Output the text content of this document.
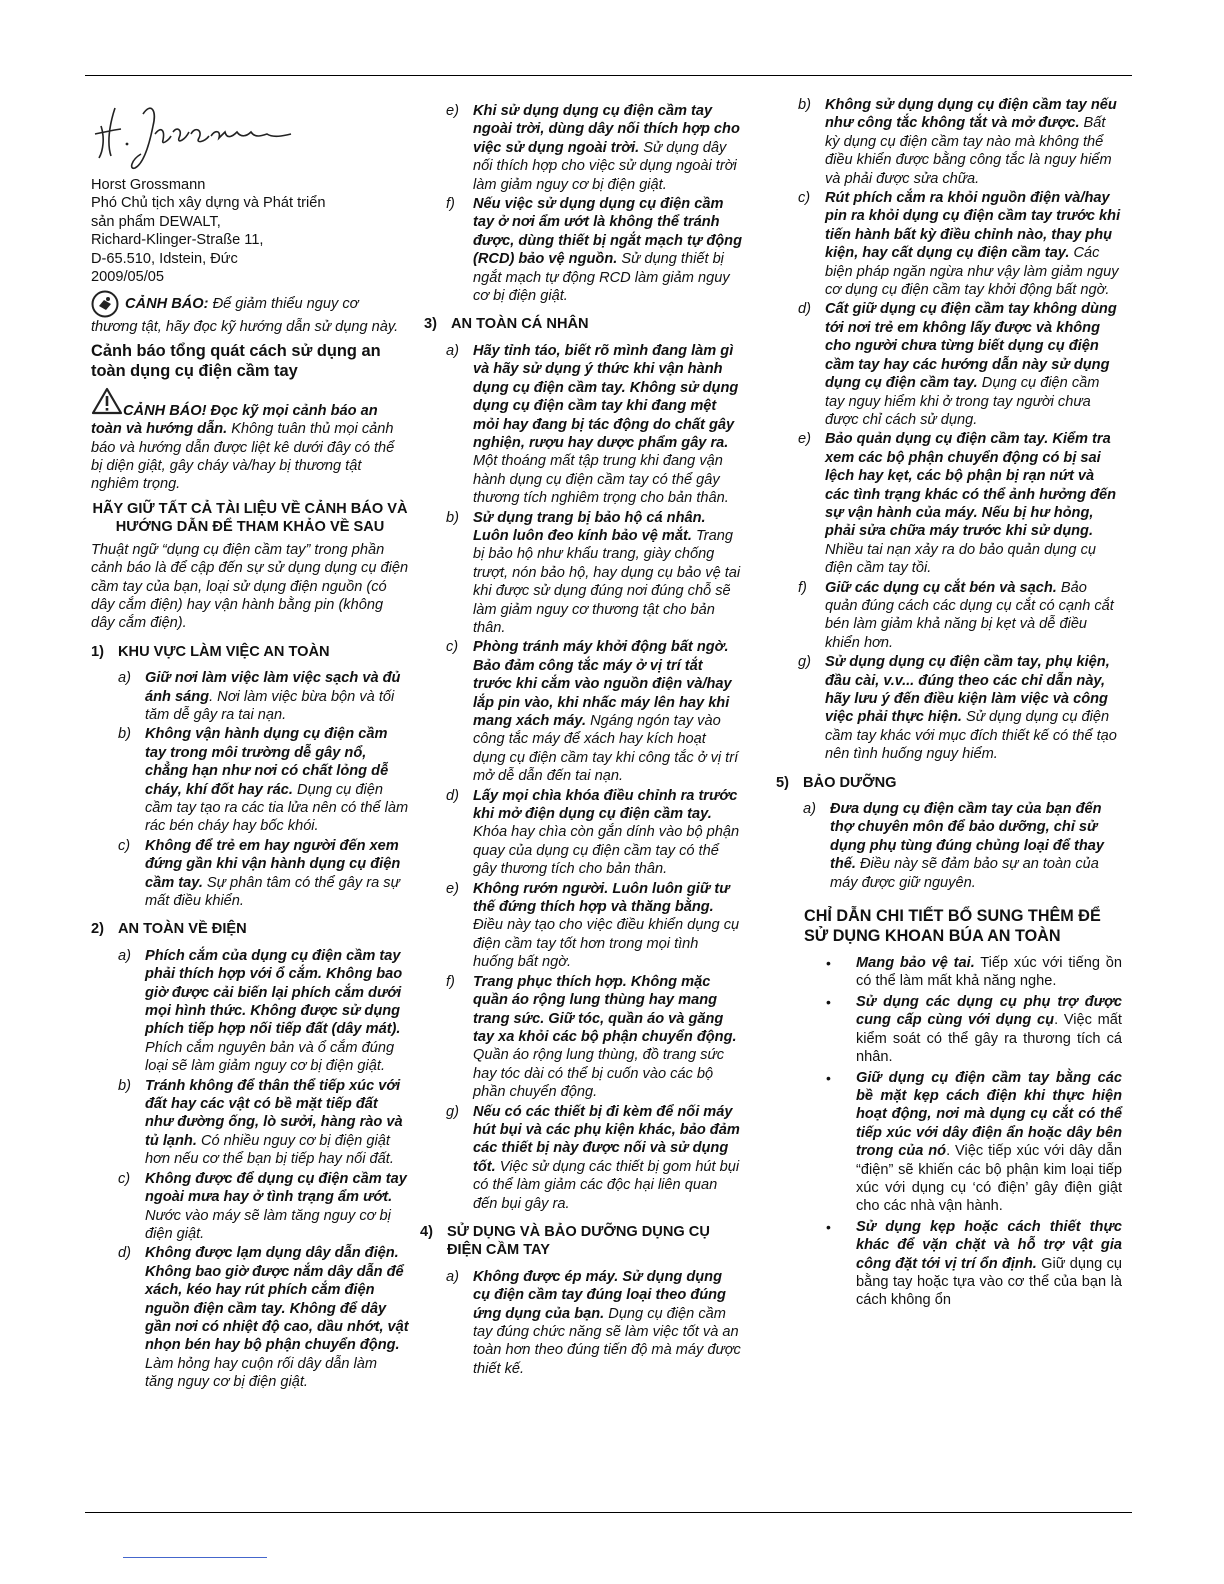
Horst Grossmann

Phó Chủ tịch xây dựng và Phát triển

sản phẩm DEWALT,

Richard-Klinger-Straße 11,

D-65.510, Idstein, Đức

2009/05/05

CẢNH BÁO: Để giảm thiểu nguy cơ thương tật, hãy đọc kỹ hướng dẫn sử dụng này.

Cảnh báo tổng quát cách sử dụng an toàn dụng cụ điện cầm tay

CẢNH BÁO! Đọc kỹ mọi cảnh báo an toàn và hướng dẫn. Không tuân thủ mọi cảnh báo và hướng dẫn được liệt kê dưới đây có thể bị diện giật, gây cháy và/hay bị thương tật nghiêm trọng.

HÃY GIỮ TẤT CẢ TÀI LIỆU VỀ CẢNH BÁO VÀ HƯỚNG DẪN ĐỂ THAM KHẢO VỀ SAU

Thuật ngữ “dụng cụ điện cầm tay” trong phần cảnh báo là để cập đến sự sử dụng dụng cụ điện cầm tay của bạn, loại sử dụng điện nguồn (có dây cắm điện) hay vận hành bằng pin (không dây cắm điện).

1) KHU VỰC LÀM VIỆC AN TOÀN
a) Giữ nơi làm việc làm việc sạch và đủ ánh sáng. Nơi làm việc bừa bộn và tối tăm dễ gây ra tai nạn.
b) Không vận hành dụng cụ điện cầm tay trong môi trường dễ gây nổ, chẳng hạn như nơi có chất lỏng dễ cháy, khí đốt hay rác. Dụng cụ điện cầm tay tạo ra các tia lửa nên có thể làm rác bén cháy hay bốc khói.
c)	Không để trẻ em hay người đến xem đứng gần khi vận hành dụng cụ điện cầm tay. Sự phân tâm có thể gây ra sự mất điều khiển.
2) AN TOÀN VỀ ĐIỆN
a) Phích cắm của dụng cụ điện cầm tay phải thích hợp với ổ cắm. Không bao giờ được cải biến lại phích cắm dưới mọi hình thức. Không được sử dụng phích tiếp hợp nối tiếp đất (dây mát). Phích cắm nguyên bản và ổ cắm đúng loại sẽ làm giảm nguy cơ bị điện giật.
b) Tránh không để thân thể tiếp xúc với đất hay các vật có bề mặt tiếp đất như đường ống, lò sưởi, hàng rào và tủ lạnh. Có nhiều nguy cơ bị điện giật hơn nếu cơ thể bạn bị tiếp hay nối đất.
c)	Không được để dụng cụ điện cầm tay ngoài mưa hay ở tình trạng ẩm ướt. Nước vào máy sẽ làm tăng nguy cơ bị điện giật.
d) Không được lạm dụng dây dẫn điện. Không bao giờ được nắm dây dẫn để xách, kéo hay rút phích cắm điện nguồn điện cầm tay. Không để dây gần nơi có nhiệt độ cao, dầu nhớt, vật nhọn bén hay bộ phận chuyển động. Làm hỏng hay cuộn rối dây dẫn làm tăng nguy cơ bị điện giật.
e) Khi sử dụng dụng cụ điện cầm tay ngoài trời, dùng dây nối thích hợp cho việc sử dụng ngoài trời. Sử dụng dây nối thích hợp cho việc sử dụng ngoài trời làm giảm nguy cơ bị điện giật.
f)	Nếu việc sử dụng dụng cụ điện cầm tay ở nơi ẩm ướt là không thể tránh được, dùng thiết bị ngắt mạch tự động (RCD) bảo vệ nguồn. Sử dụng thiết bị ngắt mạch tự động RCD làm giảm nguy cơ bị điện giật.
3) AN TOÀN CÁ NHÂN
a) Hãy tỉnh táo, biết rõ mình đang làm gì và hãy sử dụng ý thức khi vận hành dụng cụ điện cầm tay. Không sử dụng dụng cụ điện cầm tay khi đang mệt mỏi hay đang bị tác động do chất gây nghiện, rượu hay dược phẩm gây ra. Một thoáng mất tập trung khi đang vận hành dụng cụ điện cầm tay có thể gây thương tích nghiêm trọng cho bản thân.
b) Sử dụng trang bị bảo hộ cá nhân. Luôn luôn đeo kính bảo vệ mắt. Trang bị bảo hộ như khẩu trang, giày chống trượt, nón bảo hộ, hay dụng cụ bảo vệ tai khi được sử dụng đúng nơi đúng chỗ sẽ làm giảm nguy cơ thương tật cho bản thân.
c)	Phòng tránh máy khởi động bất ngờ. Bảo đảm công tắc máy ở vị trí tắt trước khi cắm vào nguồn điện và/hay lắp pin vào, khi nhấc máy lên hay khi mang xách máy. Ngáng ngón tay vào công tắc máy để xách hay kích hoạt dụng cụ điện cầm tay khi công tắc ở vị trí mở dễ dẫn đến tai nạn.
d) Lấy mọi chìa khóa điều chỉnh ra trước khi mở điện dụng cụ điện cầm tay. Khóa hay chìa còn gắn dính vào bộ phận quay của dụng cụ điện cầm tay có thể gây thương tích cho bản thân.
e) Không rướn người. Luôn luôn giữ tư thế đứng thích hợp và thăng bằng. Điều này tạo cho việc điều khiển dụng cụ điện cầm tay tốt hơn trong mọi tình huống bất ngờ.
f)	Trang phục thích hợp. Không mặc quần áo rộng lung thùng hay mang trang sức. Giữ tóc, quần áo và găng tay xa khỏi các bộ phận chuyển động. Quần áo rộng lung thùng, đồ trang sức hay tóc dài có thể bị cuốn vào các bộ phần chuyển động.
g) Nếu có các thiết bị đi kèm để nối máy hút bụi và các phụ kiện khác, bảo đảm các thiết bị này được nối và sử dụng tốt. Việc sử dụng các thiết bị gom hút bụi có thể làm giảm các độc hại liên quan đến bụi gây ra.
4) SỬ DỤNG VÀ BẢO DƯỠNG DỤNG CỤ ĐIỆN CẦM TAY
a) Không được ép máy. Sử dụng dụng cụ điện cầm tay đúng loại theo đúng ứng dụng của bạn. Dụng cụ điện cầm tay đúng chức năng sẽ làm việc tốt và an toàn hơn theo đúng tiến độ mà máy được thiết kế.
b) Không sử dụng dụng cụ điện cầm tay nếu như công tắc không tắt và mở được. Bất kỳ dụng cụ điện cầm tay nào mà không thể điều khiển được bằng công tắc là nguy hiểm và phải được sửa chữa.
c)	Rút phích cắm ra khỏi nguồn điện và/hay pin ra khỏi dụng cụ điện cầm tay trước khi tiến hành bất kỳ điều chỉnh nào, thay phụ kiện, hay cất dụng cụ điện cầm tay. Các biện pháp ngăn ngừa như vậy làm giảm nguy cơ dụng cụ điện cầm tay khởi động bất ngờ.
d) Cất giữ dụng cụ điện cầm tay không dùng tới nơi trẻ em không lấy được và không cho người chưa từng biết dụng cụ điện cầm tay hay các hướng dẫn này sử dụng dụng cụ điện cầm tay. Dụng cụ điện cầm tay nguy hiểm khi ở trong tay người chưa được chỉ cách sử dụng.
e) Bảo quản dụng cụ điện cầm tay. Kiểm tra xem các bộ phận chuyển động có bị sai lệch hay kẹt, các bộ phận bị rạn nứt và các tình trạng khác có thể ảnh hưởng đến sự vận hành của máy. Nếu bị hư hỏng, phải sửa chữa máy trước khi sử dụng. Nhiều tai nạn xảy ra do bảo quản dụng cụ điện cầm tay tồi.
f)	Giữ các dụng cụ cắt bén và sạch. Bảo quản đúng cách các dụng cụ cắt có cạnh cắt bén làm giảm khả năng bị kẹt và dễ điều khiển hơn.
g) Sử dụng dụng cụ điện cầm tay, phụ kiện, đầu cài, v.v... đúng theo các chỉ dẫn này, hãy lưu ý đến điều kiện làm việc và công việc phải thực hiện. Sử dụng dụng cụ điện cầm tay khác với mục đích thiết kế có thể tạo nên tình huống nguy hiểm.
5) BẢO DƯỠNG
a) Đưa dụng cụ điện cầm tay của bạn đến thợ chuyên môn để bảo dưỡng, chỉ sử dụng phụ tùng đúng chủng loại để thay thế. Điều này sẽ đảm bảo sự an toàn của máy được giữ nguyên.

CHỈ DẪN CHI TIẾT BỔ SUNG THÊM ĐỂ SỬ DỤNG KHOAN BÚA AN TOÀN

•	Mang bảo vệ tai. Tiếp xúc với tiếng ồn có thể làm mất khả năng nghe.
•	Sử dụng các dụng cụ phụ trợ được cung cấp cùng với dụng cụ. Việc mất kiểm soát có thể gây ra thương tích cá nhân.
•	Giữ dụng cụ điện cầm tay bằng các bề mặt kẹp cách điện khi thực hiện hoạt động, nơi mà dụng cụ cắt có thể tiếp xúc với dây điện ẩn hoặc dây bên trong của nó. Việc tiếp xúc với dây dẫn “điện” sẽ khiến các bộ phận kim loại tiếp xúc với dụng cụ ‘có điện’ gây điện giật cho các nhà vận hành.
•	Sử dụng kẹp hoặc cách thiết thực khác để vặn chặt và hỗ trợ vật gia công đặt tới vị trí ổn định. Giữ dụng cụ bằng tay hoặc tựa vào cơ thể của bạn là cách không ổn
